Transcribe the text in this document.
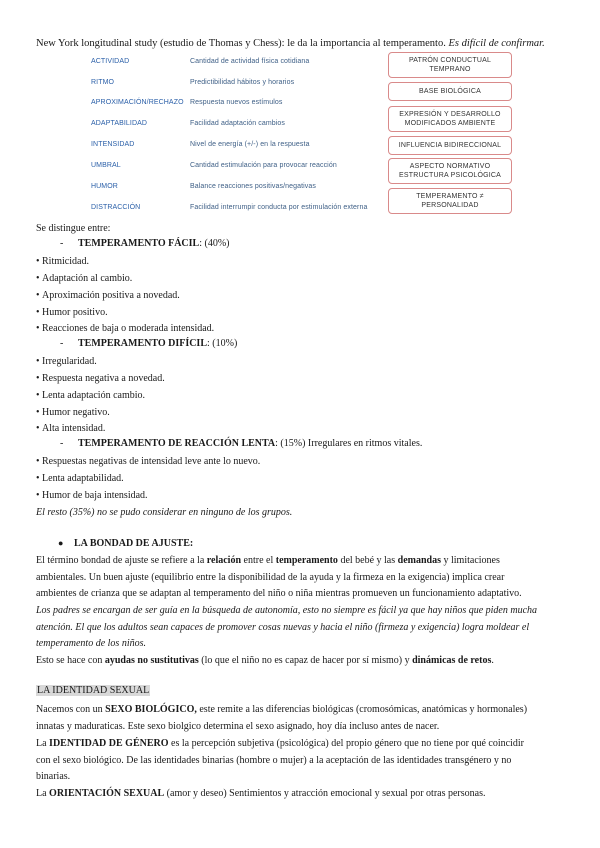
New York longitudinal study (estudio de Thomas y Chess): le da la importancia al temperamento. Es difícil de confirmar.
ACTIVIDAD	Cantidad de actividad física cotidiana
RITMO	Predictibilidad hábitos y horarios
APROXIMACIÓN/RECHAZO Respuesta nuevos estímulos
ADAPTABILIDAD	Facilidad adaptación cambios
INTENSIDAD	Nivel de energía (+/-) en la respuesta
UMBRAL	Cantidad estimulación para provocar reacción
HUMOR	Balance reacciones positivas/negativas
DISTRACCIÓN	Facilidad interrumpir conducta por estimulación externa
PATRÓN CONDUCTUAL
TEMPRANO
BASE BIOLÓGICA
EXPRESIÓN Y DESARROLLO
MODIFICADOS AMBIENTE
INFLUENCIA BIDIRECCIONAL
ASPECTO NORMATIVO
ESTRUCTURA PSICOLÓGICA
TEMPERAMENTO ≠
PERSONALIDAD
Se distingue entre:
- TEMPERAMENTO FÁCIL: (40%)
• Ritmicidad.
• Adaptación al cambio.
• Aproximación positiva a novedad.
• Humor positivo.
• Reacciones de baja o moderada intensidad.
- TEMPERAMENTO DIFÍCIL: (10%)
• Irregularidad.
• Respuesta negativa a novedad.
• Lenta adaptación cambio.
• Humor negativo.
• Alta intensidad.
- TEMPERAMENTO DE REACCIÓN LENTA: (15%) Irregulares en ritmos vitales.
• Respuestas negativas de intensidad leve ante lo nuevo.
• Lenta adaptabilidad.
• Humor de baja intensidad.
El resto (35%) no se pudo considerar en ninguno de los grupos.
● LA BONDAD DE AJUSTE:
El término bondad de ajuste se refiere a la relación entre el temperamento del bebé y las demandas y limitaciones
ambientales. Un buen ajuste (equilibrio entre la disponibilidad de la ayuda y la firmeza en la exigencia) implica crear
ambientes de crianza que se adaptan al temperamento del niño o niña mientras promueven un funcionamiento adaptativo.
Los padres se encargan de ser guía en la búsqueda de autonomía, esto no siempre es fácil ya que hay niños que piden mucha
atención. El que los adultos sean capaces de promover cosas nuevas y hacia el niño (firmeza y exigencia) logra moldear el
temperamento de los niños.
Esto se hace con ayudas no sustitutivas (lo que el niño no es capaz de hacer por sí mismo) y dinámicas de retos.
LA IDENTIDAD SEXUAL
Nacemos con un SEXO BIOLÓGICO, este remite a las diferencias biológicas (cromosómicas, anatómicas y hormonales)
innatas y maduraticas. Este sexo biolgico determina el sexo asignado, hoy día incluso antes de nacer.
La IDENTIDAD DE GÉNERO es la percepción subjetiva (psicológica) del propio género que no tiene por qué coincidir
con el sexo biológico. De las identidades binarias (hombre o mujer) a la aceptación de las identidades transgénero y no
binarias.
La ORIENTACIÓN SEXUAL (amor y deseo) Sentimientos y atracción emocional y sexual por otras personas.
